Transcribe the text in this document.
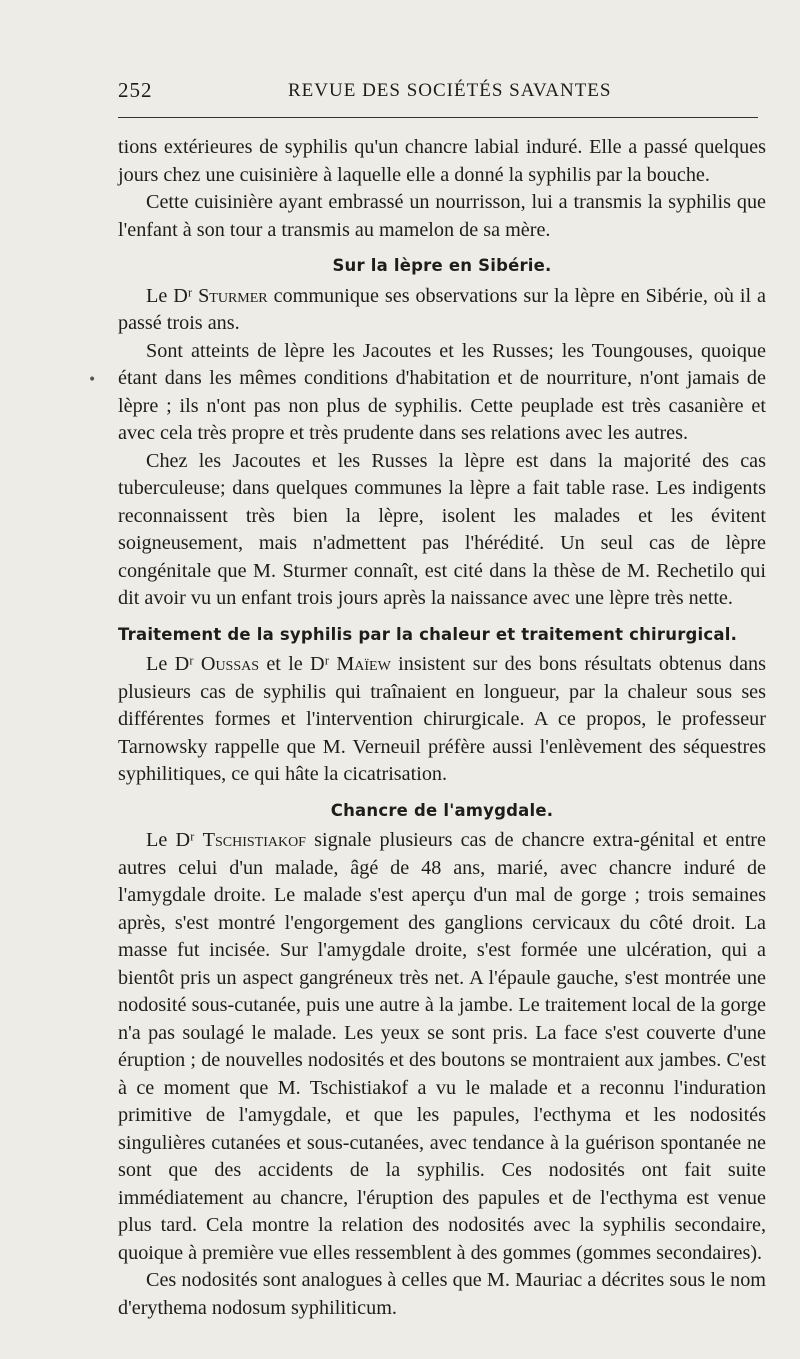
252	REVUE DES SOCIÉTÉS SAVANTES
•

tions extérieures de syphilis qu'un chancre labial induré. Elle a passé quelques jours chez une cuisinière à laquelle elle a donné la syphilis par la bouche.

Cette cuisinière ayant embrassé un nourrisson, lui a transmis la syphilis que l'enfant à son tour a transmis au mamelon de sa mère.

Sur la lèpre en Sibérie.

Le Dʳ Sturmer communique ses observations sur la lèpre en Sibérie, où il a passé trois ans.

Sont atteints de lèpre les Jacoutes et les Russes; les Toungouses, quoique étant dans les mêmes conditions d'habitation et de nourriture, n'ont jamais de lèpre ; ils n'ont pas non plus de syphilis. Cette peuplade est très casanière et avec cela très propre et très prudente dans ses relations avec les autres.

Chez les Jacoutes et les Russes la lèpre est dans la majorité des cas tuberculeuse; dans quelques communes la lèpre a fait table rase. Les indigents reconnaissent très bien la lèpre, isolent les malades et les évitent soigneusement, mais n'admettent pas l'hérédité. Un seul cas de lèpre congénitale que M. Sturmer connaît, est cité dans la thèse de M. Rechetilo qui dit avoir vu un enfant trois jours après la naissance avec une lèpre très nette.

Traitement de la syphilis par la chaleur et traitement chirurgical.

Le Dʳ Oussas et le Dʳ Maïew insistent sur des bons résultats obtenus dans plusieurs cas de syphilis qui traînaient en longueur, par la chaleur sous ses différentes formes et l'intervention chirurgicale. A ce propos, le professeur Tarnowsky rappelle que M. Verneuil préfère aussi l'enlèvement des séquestres syphilitiques, ce qui hâte la cicatrisation.

Chancre de l'amygdale.

Le Dʳ Tschistiakof signale plusieurs cas de chancre extra-génital et entre autres celui d'un malade, âgé de 48 ans, marié, avec chancre induré de l'amygdale droite. Le malade s'est aperçu d'un mal de gorge ; trois semaines après, s'est montré l'engorgement des ganglions cervicaux du côté droit. La masse fut incisée. Sur l'amygdale droite, s'est formée une ulcération, qui a bientôt pris un aspect gangréneux très net. A l'épaule gauche, s'est montrée une nodosité sous-cutanée, puis une autre à la jambe. Le traitement local de la gorge n'a pas soulagé le malade. Les yeux se sont pris. La face s'est couverte d'une éruption ; de nouvelles nodosités et des boutons se montraient aux jambes. C'est à ce moment que M. Tschistiakof a vu le malade et a reconnu l'induration primitive de l'amygdale, et que les papules, l'ecthyma et les nodosités singulières cutanées et sous-cutanées, avec tendance à la guérison spontanée ne sont que des accidents de la syphilis. Ces nodosités ont fait suite immédiatement au chancre, l'éruption des papules et de l'ecthyma est venue plus tard. Cela montre la relation des nodosités avec la syphilis secondaire, quoique à première vue elles ressemblent à des gommes (gommes secondaires).

Ces nodosités sont analogues à celles que M. Mauriac a décrites sous le nom d'erythema nodosum syphiliticum.
